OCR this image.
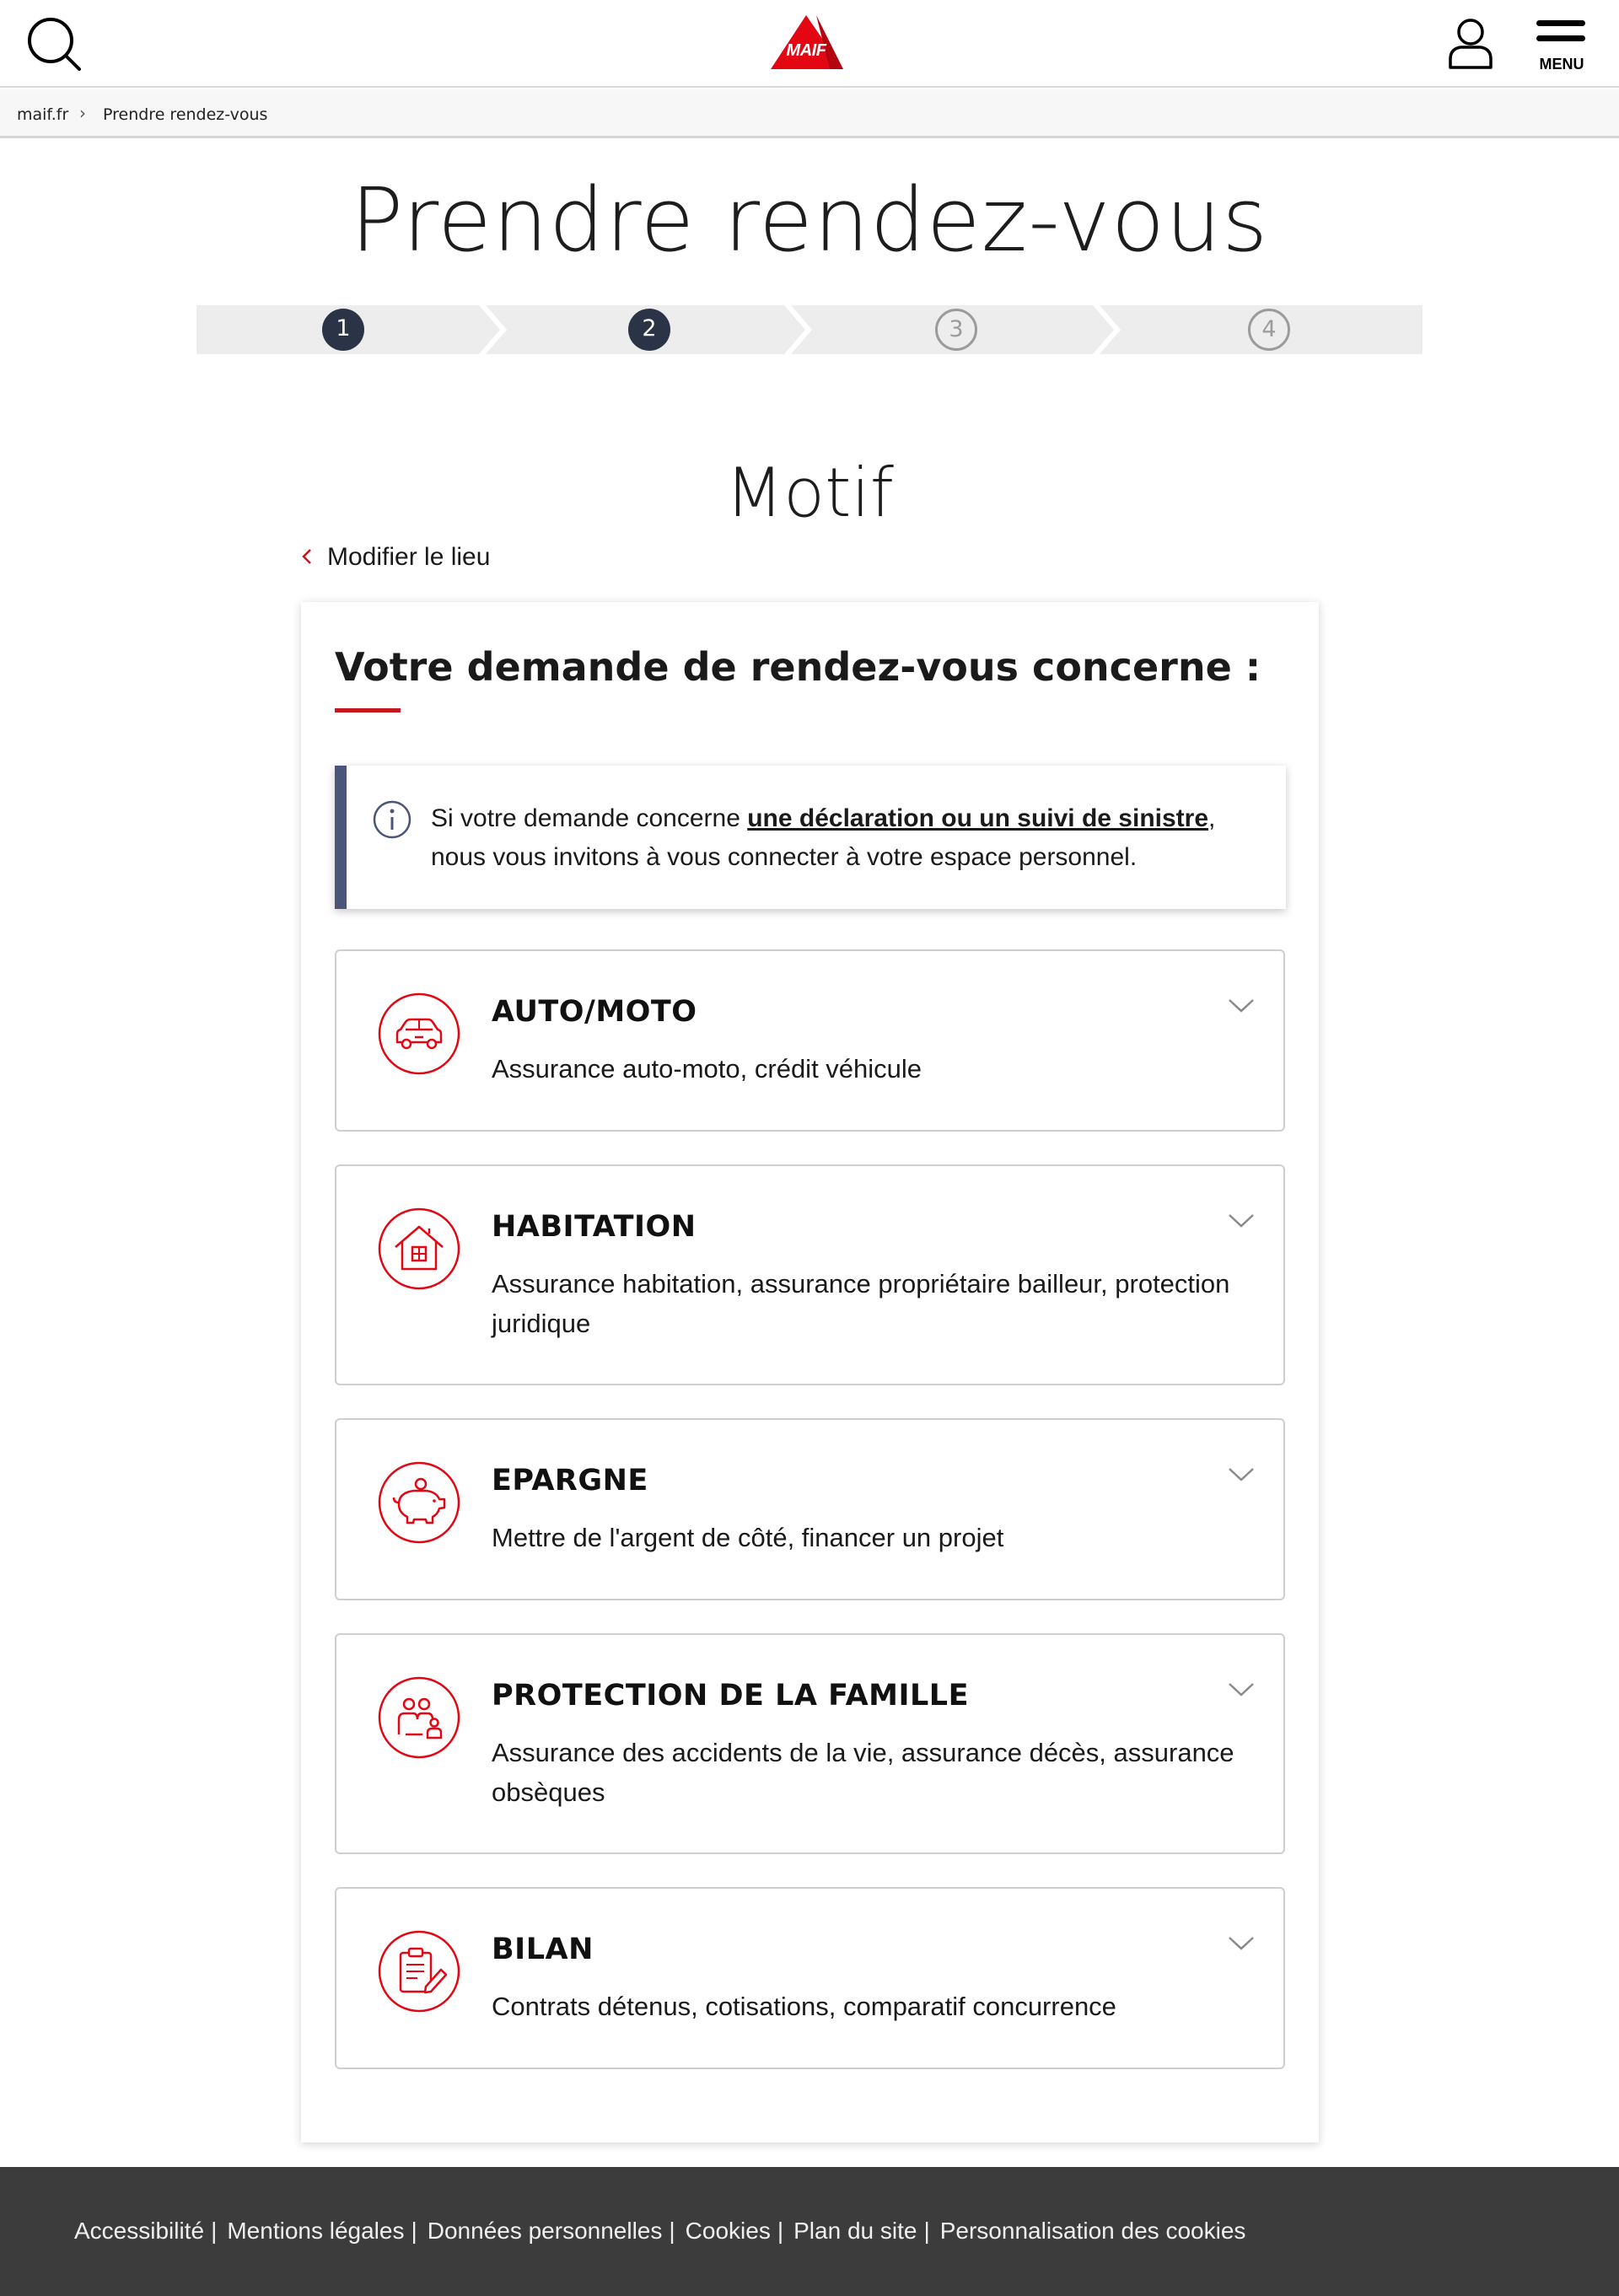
MAIF
MENU
maif.fr › Prendre rendez-vous
Prendre rendez-vous
1	2	3	4
Motif
Modifier le lieu
Votre demande de rendez-vous concerne :
Si votre demande concerne une déclaration ou un suivi de sinistre, nous vous invitons à vous connecter à votre espace personnel.
AUTO/MOTO
Assurance auto-moto, crédit véhicule
HABITATION
Assurance habitation, assurance propriétaire bailleur, protection juridique
EPARGNE
Mettre de l'argent de côté, financer un projet
PROTECTION DE LA FAMILLE
Assurance des accidents de la vie, assurance décès, assurance obsèques
BILAN
Contrats détenus, cotisations, comparatif concurrence
Accessibilité | Mentions légales | Données personnelles | Cookies | Plan du site | Personnalisation des cookies
